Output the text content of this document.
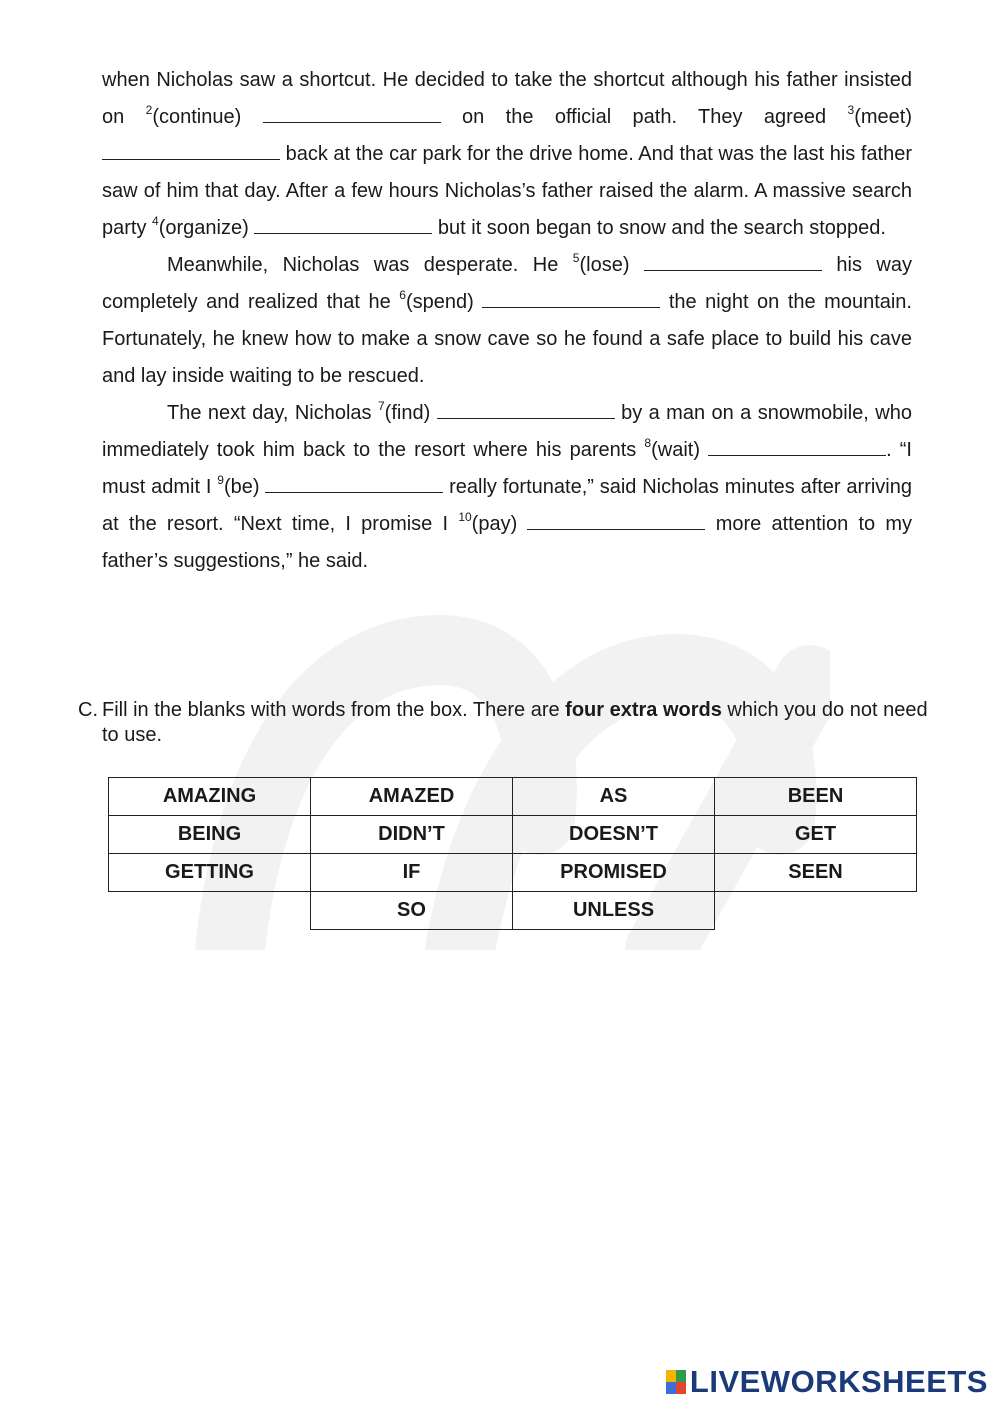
when Nicholas saw a shortcut. He decided to take the shortcut although his father insisted on $^2$(continue)	on the official path. They agreed $^3$(meet)  back at the car park for the drive home. And that was the last his father saw of him that day. After a few hours Nicholas’s father raised the alarm. A massive search party $^4$(organize)	but it soon began to snow and the search stopped.

Meanwhile, Nicholas was desperate. He $^5$(lose)	his way completely and realized that he $^6$(spend)	the night on the mountain. Fortunately, he knew how to make a snow cave so he found a safe place to build his cave and lay inside waiting to be rescued.

The next day, Nicholas $^7$(find)	by a man on a snowmobile, who immediately took him back to the resort where his parents $^8$(wait)	. “I must admit I $^9$(be)	really fortunate,” said Nicholas minutes after arriving at the resort. “Next time, I promise I $^{10}$(pay)	more attention to my father’s suggestions,” he said.

C. Fill in the blanks with words from the box. There are four extra words which you do not need to use.
AMAZING	AMAZED	AS	BEEN
BEING	DIDN’T	DOESN’T	GET
GETTING	IF	PROMISED	SEEN
	SO	UNLESS	
LIVEWORKSHEETS
